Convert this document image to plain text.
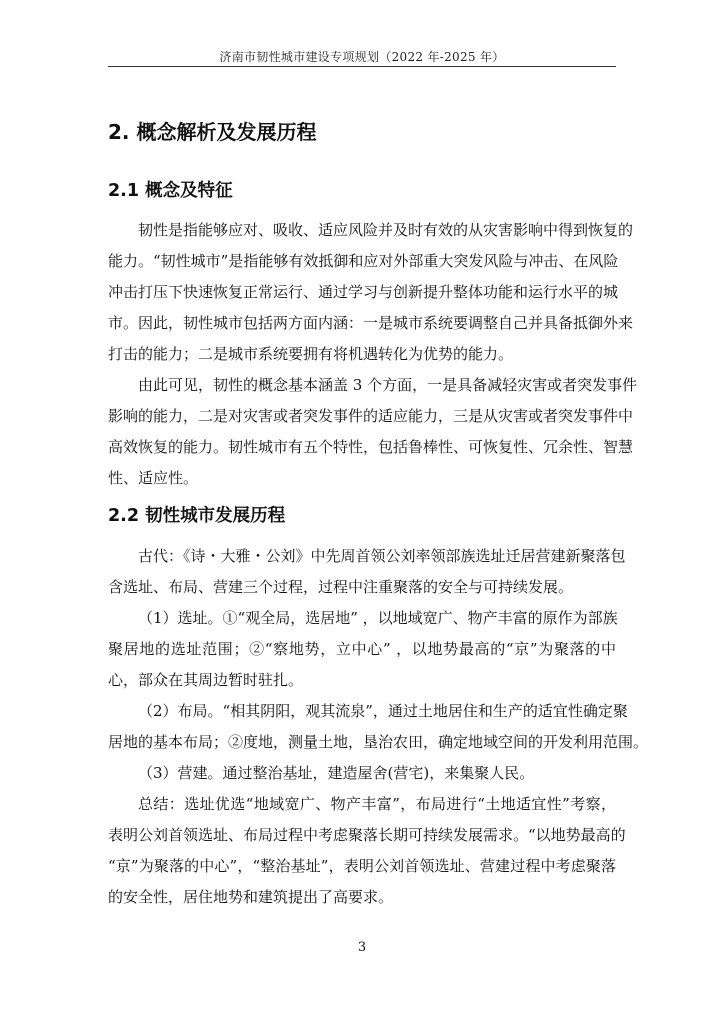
济南市韧性城市建设专项规划（2022 年-2025 年）
2. 概念解析及发展历程
2.1 概念及特征
韧性是指能够应对、吸收、适应风险并及时有效的从灾害影响中得到恢复的
能力。“韧性城市”是指能够有效抵御和应对外部重大突发风险与冲击、在风险
冲击打压下快速恢复正常运行、通过学习与创新提升整体功能和运行水平的城
市。因此，韧性城市包括两方面内涵：一是城市系统要调整自己并具备抵御外来
打击的能力；二是城市系统要拥有将机遇转化为优势的能力。
由此可见，韧性的概念基本涵盖 3 个方面，一是具备减轻灾害或者突发事件
影响的能力，二是对灾害或者突发事件的适应能力，三是从灾害或者突发事件中
高效恢复的能力。韧性城市有五个特性，包括鲁棒性、可恢复性、冗余性、智慧
性、适应性。
2.2 韧性城市发展历程
古代：《诗・大雅・公刘》中先周首领公刘率领部族选址迁居营建新聚落包
含选址、布局、营建三个过程，过程中注重聚落的安全与可持续发展。
（1）选址。①“观全局，选居地” ，以地域宽广、物产丰富的原作为部族
聚居地的选址范围；②“察地势，立中心” ，以地势最高的“京”为聚落的中
心，部众在其周边暂时驻扎。
（2）布局。“相其阴阳，观其流泉”，通过土地居住和生产的适宜性确定聚
居地的基本布局；②度地，测量土地，垦治农田，确定地域空间的开发利用范围。
（3）营建。通过整治基址，建造屋舍(营宅)，来集聚人民。
总结：选址优选“地域宽广、物产丰富”，布局进行“土地适宜性”考察，
表明公刘首领选址、布局过程中考虑聚落长期可持续发展需求。“以地势最高的
“京”为聚落的中心”，“整治基址”，表明公刘首领选址、营建过程中考虑聚落
的安全性，居住地势和建筑提出了高要求。
3
